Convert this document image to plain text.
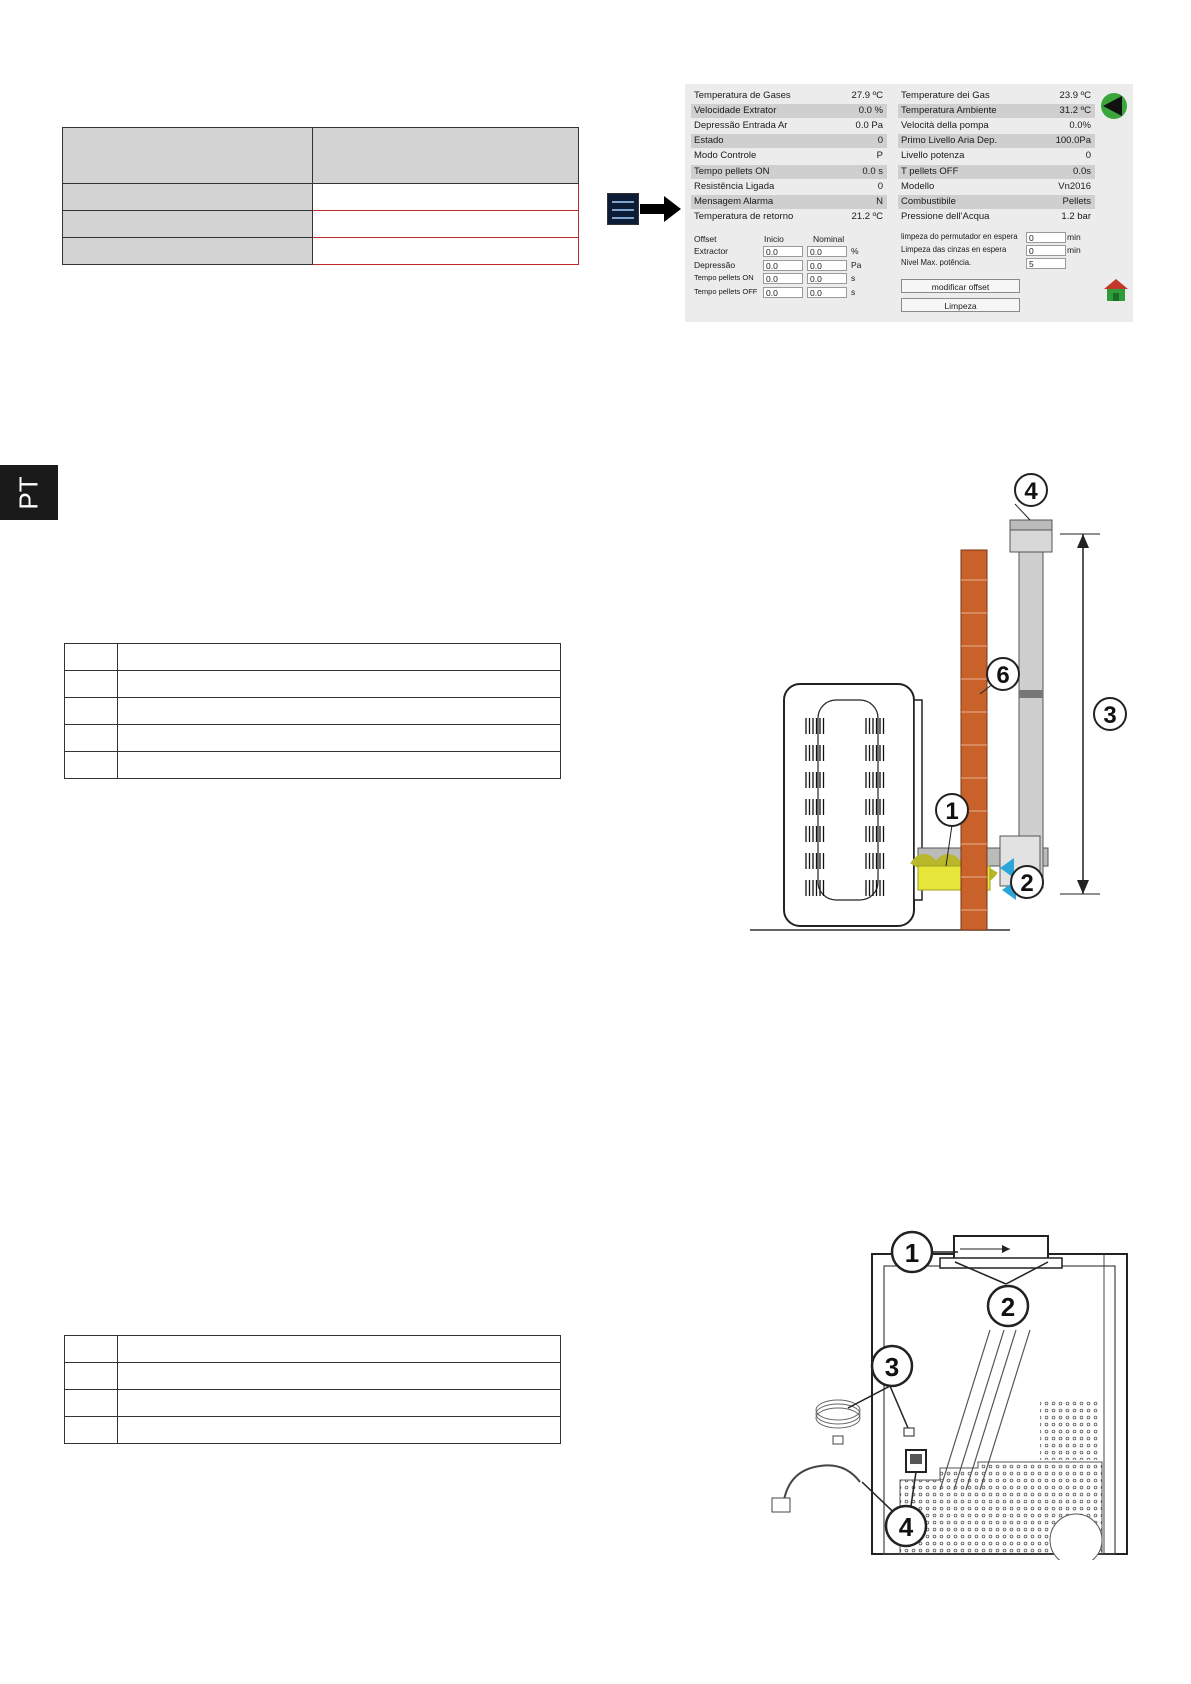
Temperatura de Gases	27.9 ºC
Velocidade Extrator	0.0 %
Depressão Entrada Ar	0.0 Pa
Estado	0
Modo Controle	P
Tempo pellets ON	0.0 s
Resistência Ligada	0
Mensagem Alarma	N
Temperatura de retorno	21.2 ºC
Temperature dei Gas	23.9 ºC
Temperatura Ambiente	31.2 ºC
Velocità della pompa	0.0%
Primo Livello Aria Dep.	100.0Pa
Livello potenza	0
T pellets OFF	0.0s
Modello	Vn2016
Combustibile	Pellets
Pressione dell'Acqua	1.2 bar
Offset	Inicio	Nominal
Extractor	0.0	0.0	%
Depressão	0.0	0.0	Pa
Tempo pellets ON	0.0	0.0	s
Tempo pellets OFF	0.0	0.0	s
limpeza do permutador en espera	0	min
Limpeza das cinzas en espera	0	min
Nivel Max. potência.	5
modificar offset
Limpeza
PT

		4
6
3
1
2
1
2
3
4
